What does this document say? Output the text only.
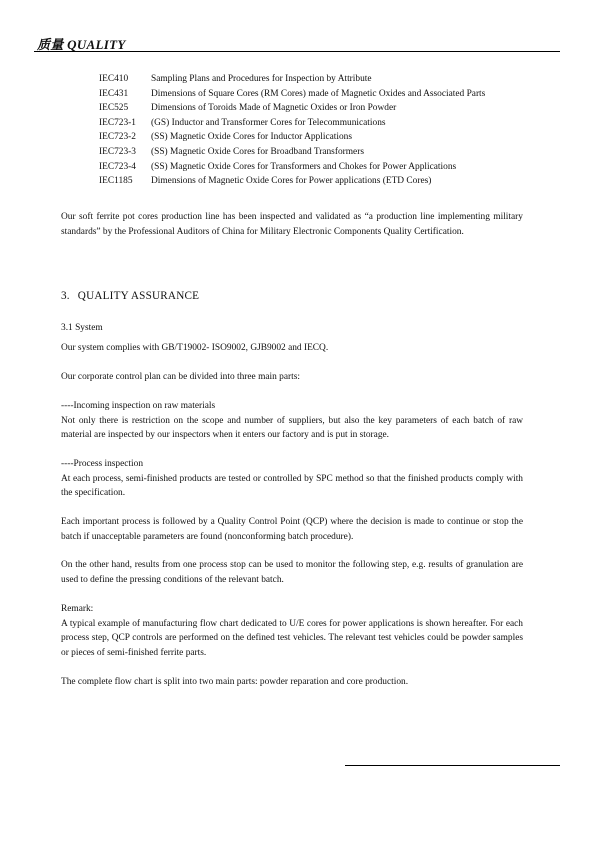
质量 QUALITY
IEC410	Sampling Plans and Procedures for Inspection by Attribute
IEC431	Dimensions of Square Cores (RM Cores) made of Magnetic Oxides and Associated Parts
IEC525	Dimensions of Toroids Made of Magnetic Oxides or Iron Powder
IEC723-1	(GS) Inductor and Transformer Cores for Telecommunications
IEC723-2	(SS) Magnetic Oxide Cores for Inductor Applications
IEC723-3	(SS) Magnetic Oxide Cores for Broadband Transformers
IEC723-4	(SS) Magnetic Oxide Cores for Transformers and Chokes for Power Applications
IEC1185	Dimensions of Magnetic Oxide Cores for Power applications (ETD Cores)

Our soft ferrite pot cores production line has been inspected and validated as “a production line implementing military standards” by the Professional Auditors of China for Military Electronic Components Quality Certification.

3. QUALITY ASSURANCE
3.1 System

Our system complies with GB/T19002- ISO9002, GJB9002 and IECQ.

Our corporate control plan can be divided into three main parts:

----Incoming inspection on raw materials

Not only there is restriction on the scope and number of suppliers, but also the key parameters of each batch of raw material are inspected by our inspectors when it enters our factory and is put in storage.

----Process inspection

At each process, semi-finished products are tested or controlled by SPC method so that the finished products comply with the specification.

Each important process is followed by a Quality Control Point (QCP) where the decision is made to continue or stop the batch if unacceptable parameters are found (nonconforming batch procedure).

On the other hand, results from one process stop can be used to monitor the following step, e.g. results of granulation are used to define the pressing conditions of the relevant batch.

Remark:

A typical example of manufacturing flow chart dedicated to U/E cores for power applications is shown hereafter. For each process step, QCP controls are performed on the defined test vehicles. The relevant test vehicles could be powder samples or pieces of semi-finished ferrite parts.

The complete flow chart is split into two main parts: powder reparation and core production.
